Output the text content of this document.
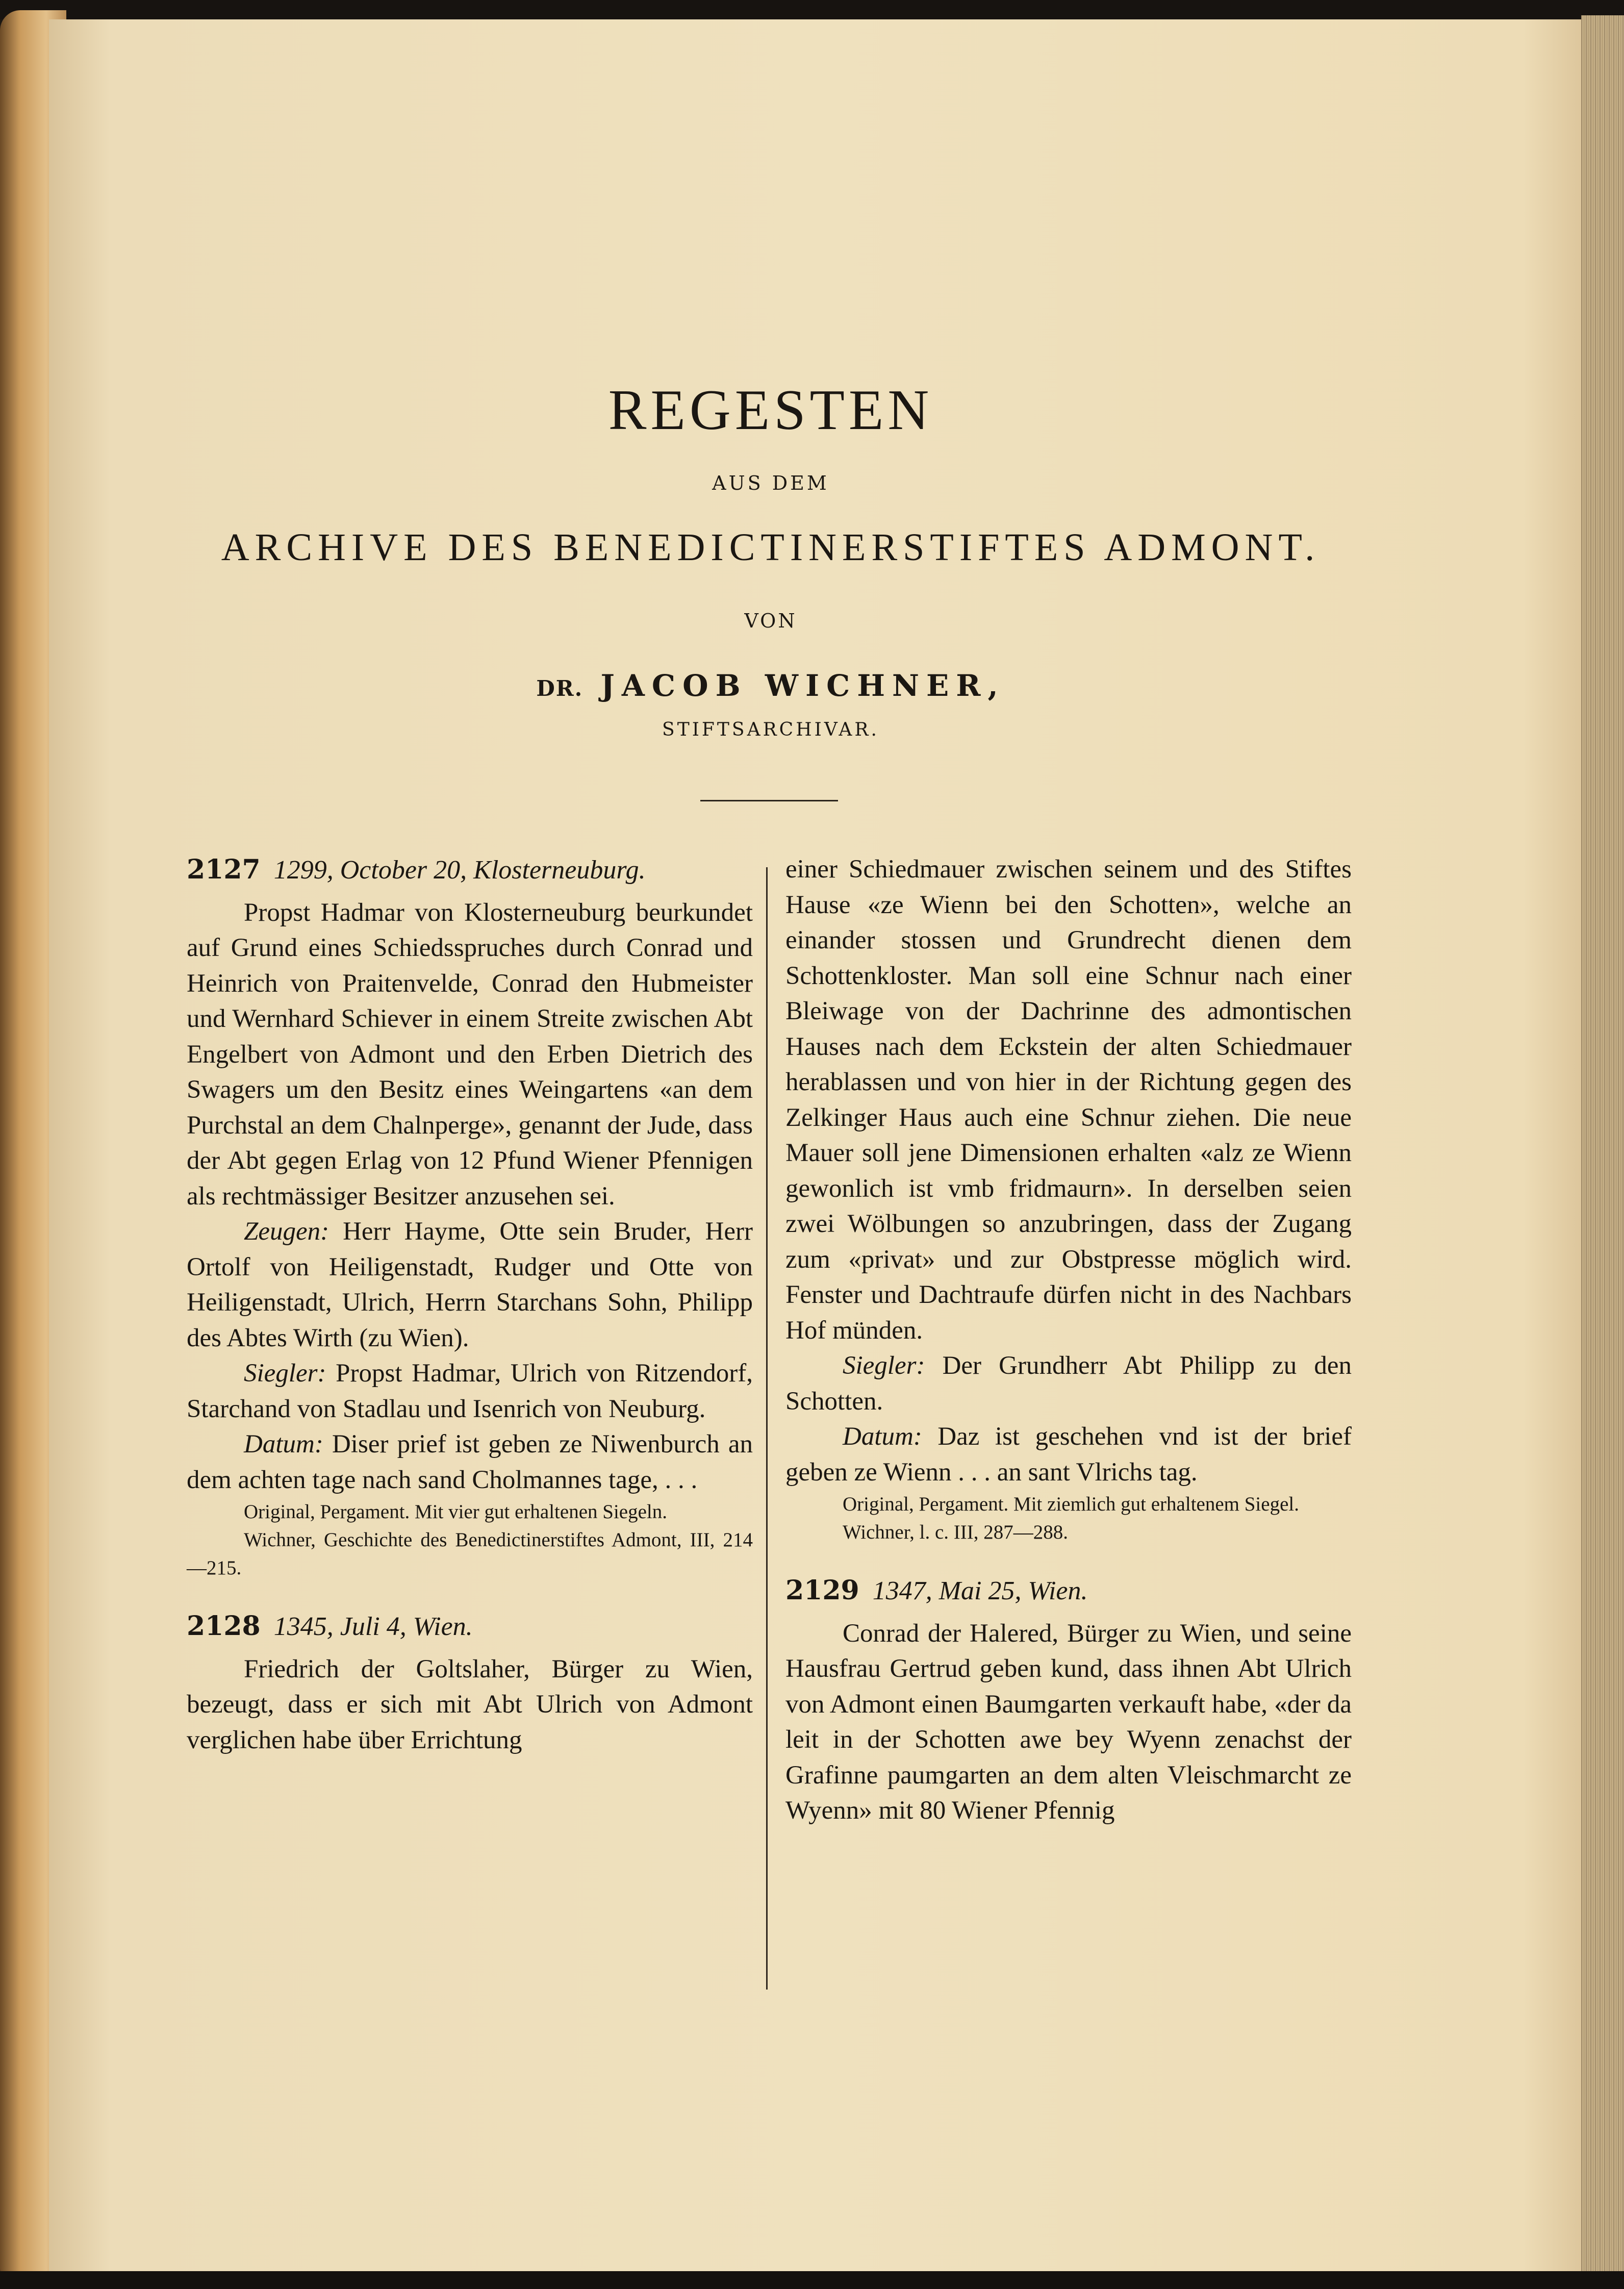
REGESTEN
AUS DEM
ARCHIVE DES BENEDICTINERSTIFTES ADMONT.
VON
DR. JACOB WICHNER,
STIFTSARCHIVAR.
2127 1299, October 20, Klosterneuburg.

Propst Hadmar von Klosterneuburg beurkundet auf Grund eines Schiedsspruches durch Conrad und Heinrich von Praitenvelde, Conrad den Hubmeister und Wernhard Schiever in einem Streite zwischen Abt Engelbert von Admont und den Erben Dietrich des Swagers um den Besitz eines Weingartens «an dem Purchstal an dem Chalnperge», genannt der Jude, dass der Abt gegen Erlag von 12 Pfund Wiener Pfennigen als rechtmässiger Besitzer anzusehen sei.

Zeugen: Herr Hayme, Otte sein Bruder, Herr Ortolf von Heiligenstadt, Rudger und Otte von Heiligenstadt, Ulrich, Herrn Starchans Sohn, Philipp des Abtes Wirth (zu Wien).

Siegler: Propst Hadmar, Ulrich von Ritzendorf, Starchand von Stadlau und Isenrich von Neuburg.

Datum: Diser prief ist geben ze Niwenburch an dem achten tage nach sand Cholmannes tage, . . .

Original, Pergament. Mit vier gut erhaltenen Siegeln.

Wichner, Geschichte des Benedictinerstiftes Admont, III, 214—215.

2128 1345, Juli 4, Wien.

Friedrich der Goltslaher, Bürger zu Wien, bezeugt, dass er sich mit Abt Ulrich von Admont verglichen habe über Errichtung

einer Schiedmauer zwischen seinem und des Stiftes Hause «ze Wienn bei den Schotten», welche an einander stossen und Grundrecht dienen dem Schottenkloster. Man soll eine Schnur nach einer Bleiwage von der Dachrinne des admontischen Hauses nach dem Eckstein der alten Schiedmauer herablassen und von hier in der Richtung gegen des Zelkinger Haus auch eine Schnur ziehen. Die neue Mauer soll jene Dimensionen erhalten «alz ze Wienn gewonlich ist vmb fridmaurn». In derselben seien zwei Wölbungen so anzubringen, dass der Zugang zum «privat» und zur Obstpresse möglich wird. Fenster und Dachtraufe dürfen nicht in des Nachbars Hof münden.

Siegler: Der Grundherr Abt Philipp zu den Schotten.

Datum: Daz ist geschehen vnd ist der brief geben ze Wienn . . . an sant Vlrichs tag.

Original, Pergament. Mit ziemlich gut erhaltenem Siegel.

Wichner, l. c. III, 287—288.

2129 1347, Mai 25, Wien.

Conrad der Halered, Bürger zu Wien, und seine Hausfrau Gertrud geben kund, dass ihnen Abt Ulrich von Admont einen Baumgarten verkauft habe, «der da leit in der Schotten awe bey Wyenn zenachst der Grafinne paumgarten an dem alten Vleischmarcht ze Wyenn» mit 80 Wiener Pfennig
